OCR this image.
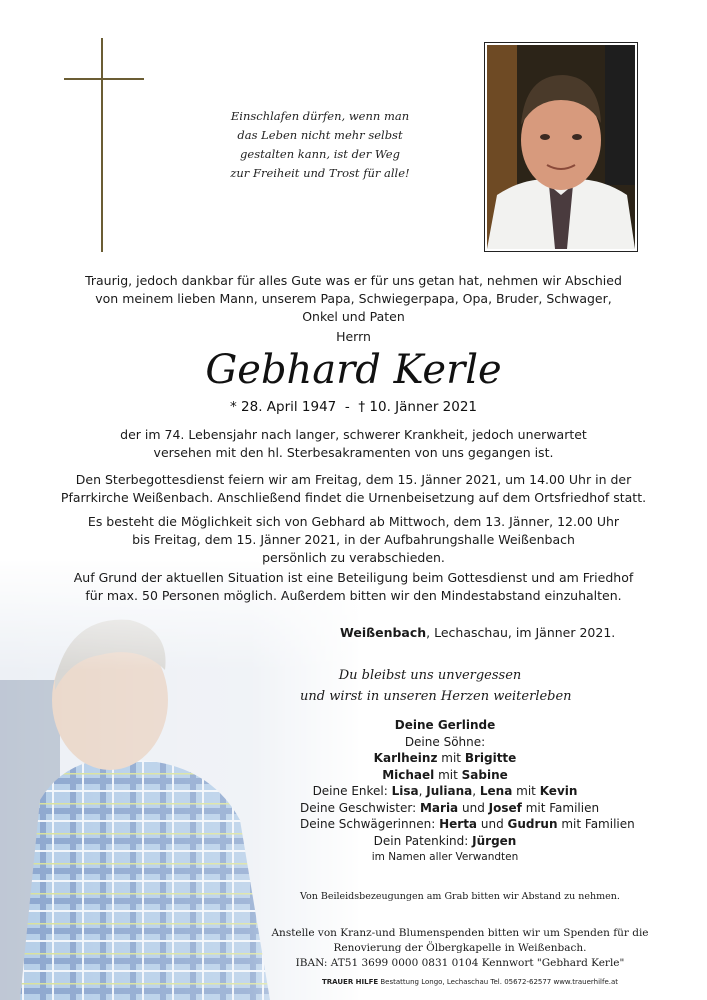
Einschlafen dürfen, wenn man
das Leben nicht mehr selbst
gestalten kann, ist der Weg
zur Freiheit und Trost für alle!
Traurig, jedoch dankbar für alles Gute was er für uns getan hat, nehmen wir Abschied
von meinem lieben Mann, unserem Papa, Schwiegerpapa, Opa, Bruder, Schwager,
Onkel und Paten
Herrn
Gebhard Kerle
* 28. April 1947 - † 10. Jänner 2021
der im 74. Lebensjahr nach langer, schwerer Krankheit, jedoch unerwartet
versehen mit den hl. Sterbesakramenten von uns gegangen ist.
Den Sterbegottesdienst feiern wir am Freitag, dem 15. Jänner 2021, um 14.00 Uhr in der
Pfarrkirche Weißenbach. Anschließend findet die Urnenbeisetzung auf dem Ortsfriedhof statt.
Es besteht die Möglichkeit sich von Gebhard ab Mittwoch, dem 13. Jänner, 12.00 Uhr
bis Freitag, dem 15. Jänner 2021, in der Aufbahrungshalle Weißenbach
persönlich zu verabschieden.
Auf Grund der aktuellen Situation ist eine Beteiligung beim Gottesdienst und am Friedhof
für max. 50 Personen möglich. Außerdem bitten wir den Mindestabstand einzuhalten.
Weißenbach, Lechaschau, im Jänner 2021.
Du bleibst uns unvergessen
und wirst in unseren Herzen weiterleben
Deine Gerlinde
Deine Söhne:
Karlheinz mit Brigitte
Michael mit Sabine
Deine Enkel: Lisa, Juliana, Lena mit Kevin
Deine Geschwister: Maria und Josef mit Familien
Deine Schwägerinnen: Herta und Gudrun mit Familien
Dein Patenkind: Jürgen
im Namen aller Verwandten
Von Beileidsbezeugungen am Grab bitten wir Abstand zu nehmen.
Anstelle von Kranz-und Blumenspenden bitten wir um Spenden für die
Renovierung der Ölbergkapelle in Weißenbach.
IBAN: AT51 3699 0000 0831 0104 Kennwort "Gebhard Kerle"
TRAUER HILFE Bestattung Longo, Lechaschau Tel. 05672-62577 www.trauerhilfe.at
